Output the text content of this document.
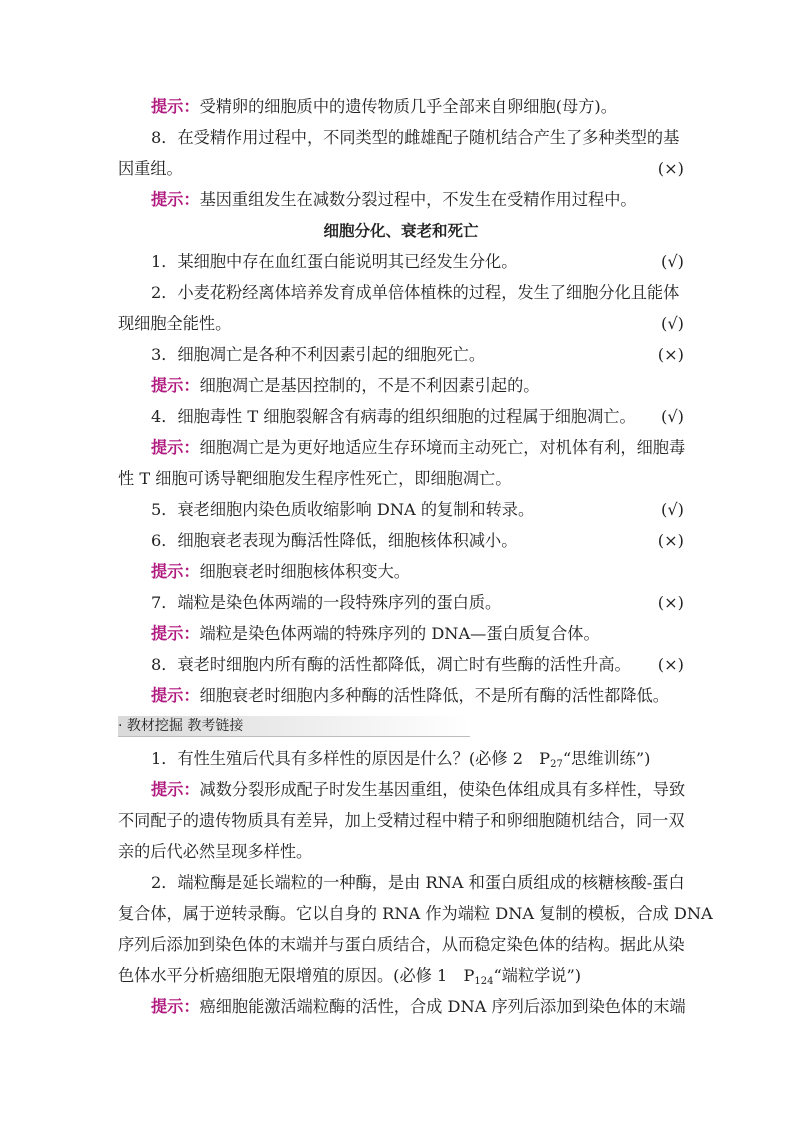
提示：受精卵的细胞质中的遗传物质几乎全部来自卵细胞(母方)。
8．在受精作用过程中，不同类型的雌雄配子随机结合产生了多种类型的基
因重组。	(×)
提示：基因重组发生在减数分裂过程中，不发生在受精作用过程中。
细胞分化、衰老和死亡
1．某细胞中存在血红蛋白能说明其已经发生分化。	(√)
2．小麦花粉经离体培养发育成单倍体植株的过程，发生了细胞分化且能体
现细胞全能性。	(√)
3．细胞凋亡是各种不利因素引起的细胞死亡。	(×)
提示：细胞凋亡是基因控制的，不是不利因素引起的。
4．细胞毒性 T 细胞裂解含有病毒的组织细胞的过程属于细胞凋亡。 (√)
提示：细胞凋亡是为更好地适应生存环境而主动死亡，对机体有利，细胞毒
性 T 细胞可诱导靶细胞发生程序性死亡，即细胞凋亡。
5．衰老细胞内染色质收缩影响 DNA 的复制和转录。	(√)
6．细胞衰老表现为酶活性降低，细胞核体积减小。	(×)
提示：细胞衰老时细胞核体积变大。
7．端粒是染色体两端的一段特殊序列的蛋白质。	(×)
提示：端粒是染色体两端的特殊序列的 DNA—蛋白质复合体。
8．衰老时细胞内所有酶的活性都降低，凋亡时有些酶的活性升高。 (×)
提示：细胞衰老时细胞内多种酶的活性降低，不是所有酶的活性都降低。
· 教材挖掘 教考链接
1．有性生殖后代具有多样性的原因是什么？(必修 2　$P_{27}“$思维训练”)
提示：减数分裂形成配子时发生基因重组，使染色体组成具有多样性，导致
不同配子的遗传物质具有差异，加上受精过程中精子和卵细胞随机结合，同一双
亲的后代必然呈现多样性。
2．端粒酶是延长端粒的一种酶，是由 RNA 和蛋白质组成的核糖核酸-蛋白
复合体，属于逆转录酶。它以自身的 RNA 作为端粒 DNA 复制的模板，合成 DNA
序列后添加到染色体的末端并与蛋白质结合，从而稳定染色体的结构。据此从染
色体水平分析癌细胞无限增殖的原因。(必修 1　$P_{124}“$端粒学说”)
提示：癌细胞能激活端粒酶的活性，合成 DNA 序列后添加到染色体的末端
